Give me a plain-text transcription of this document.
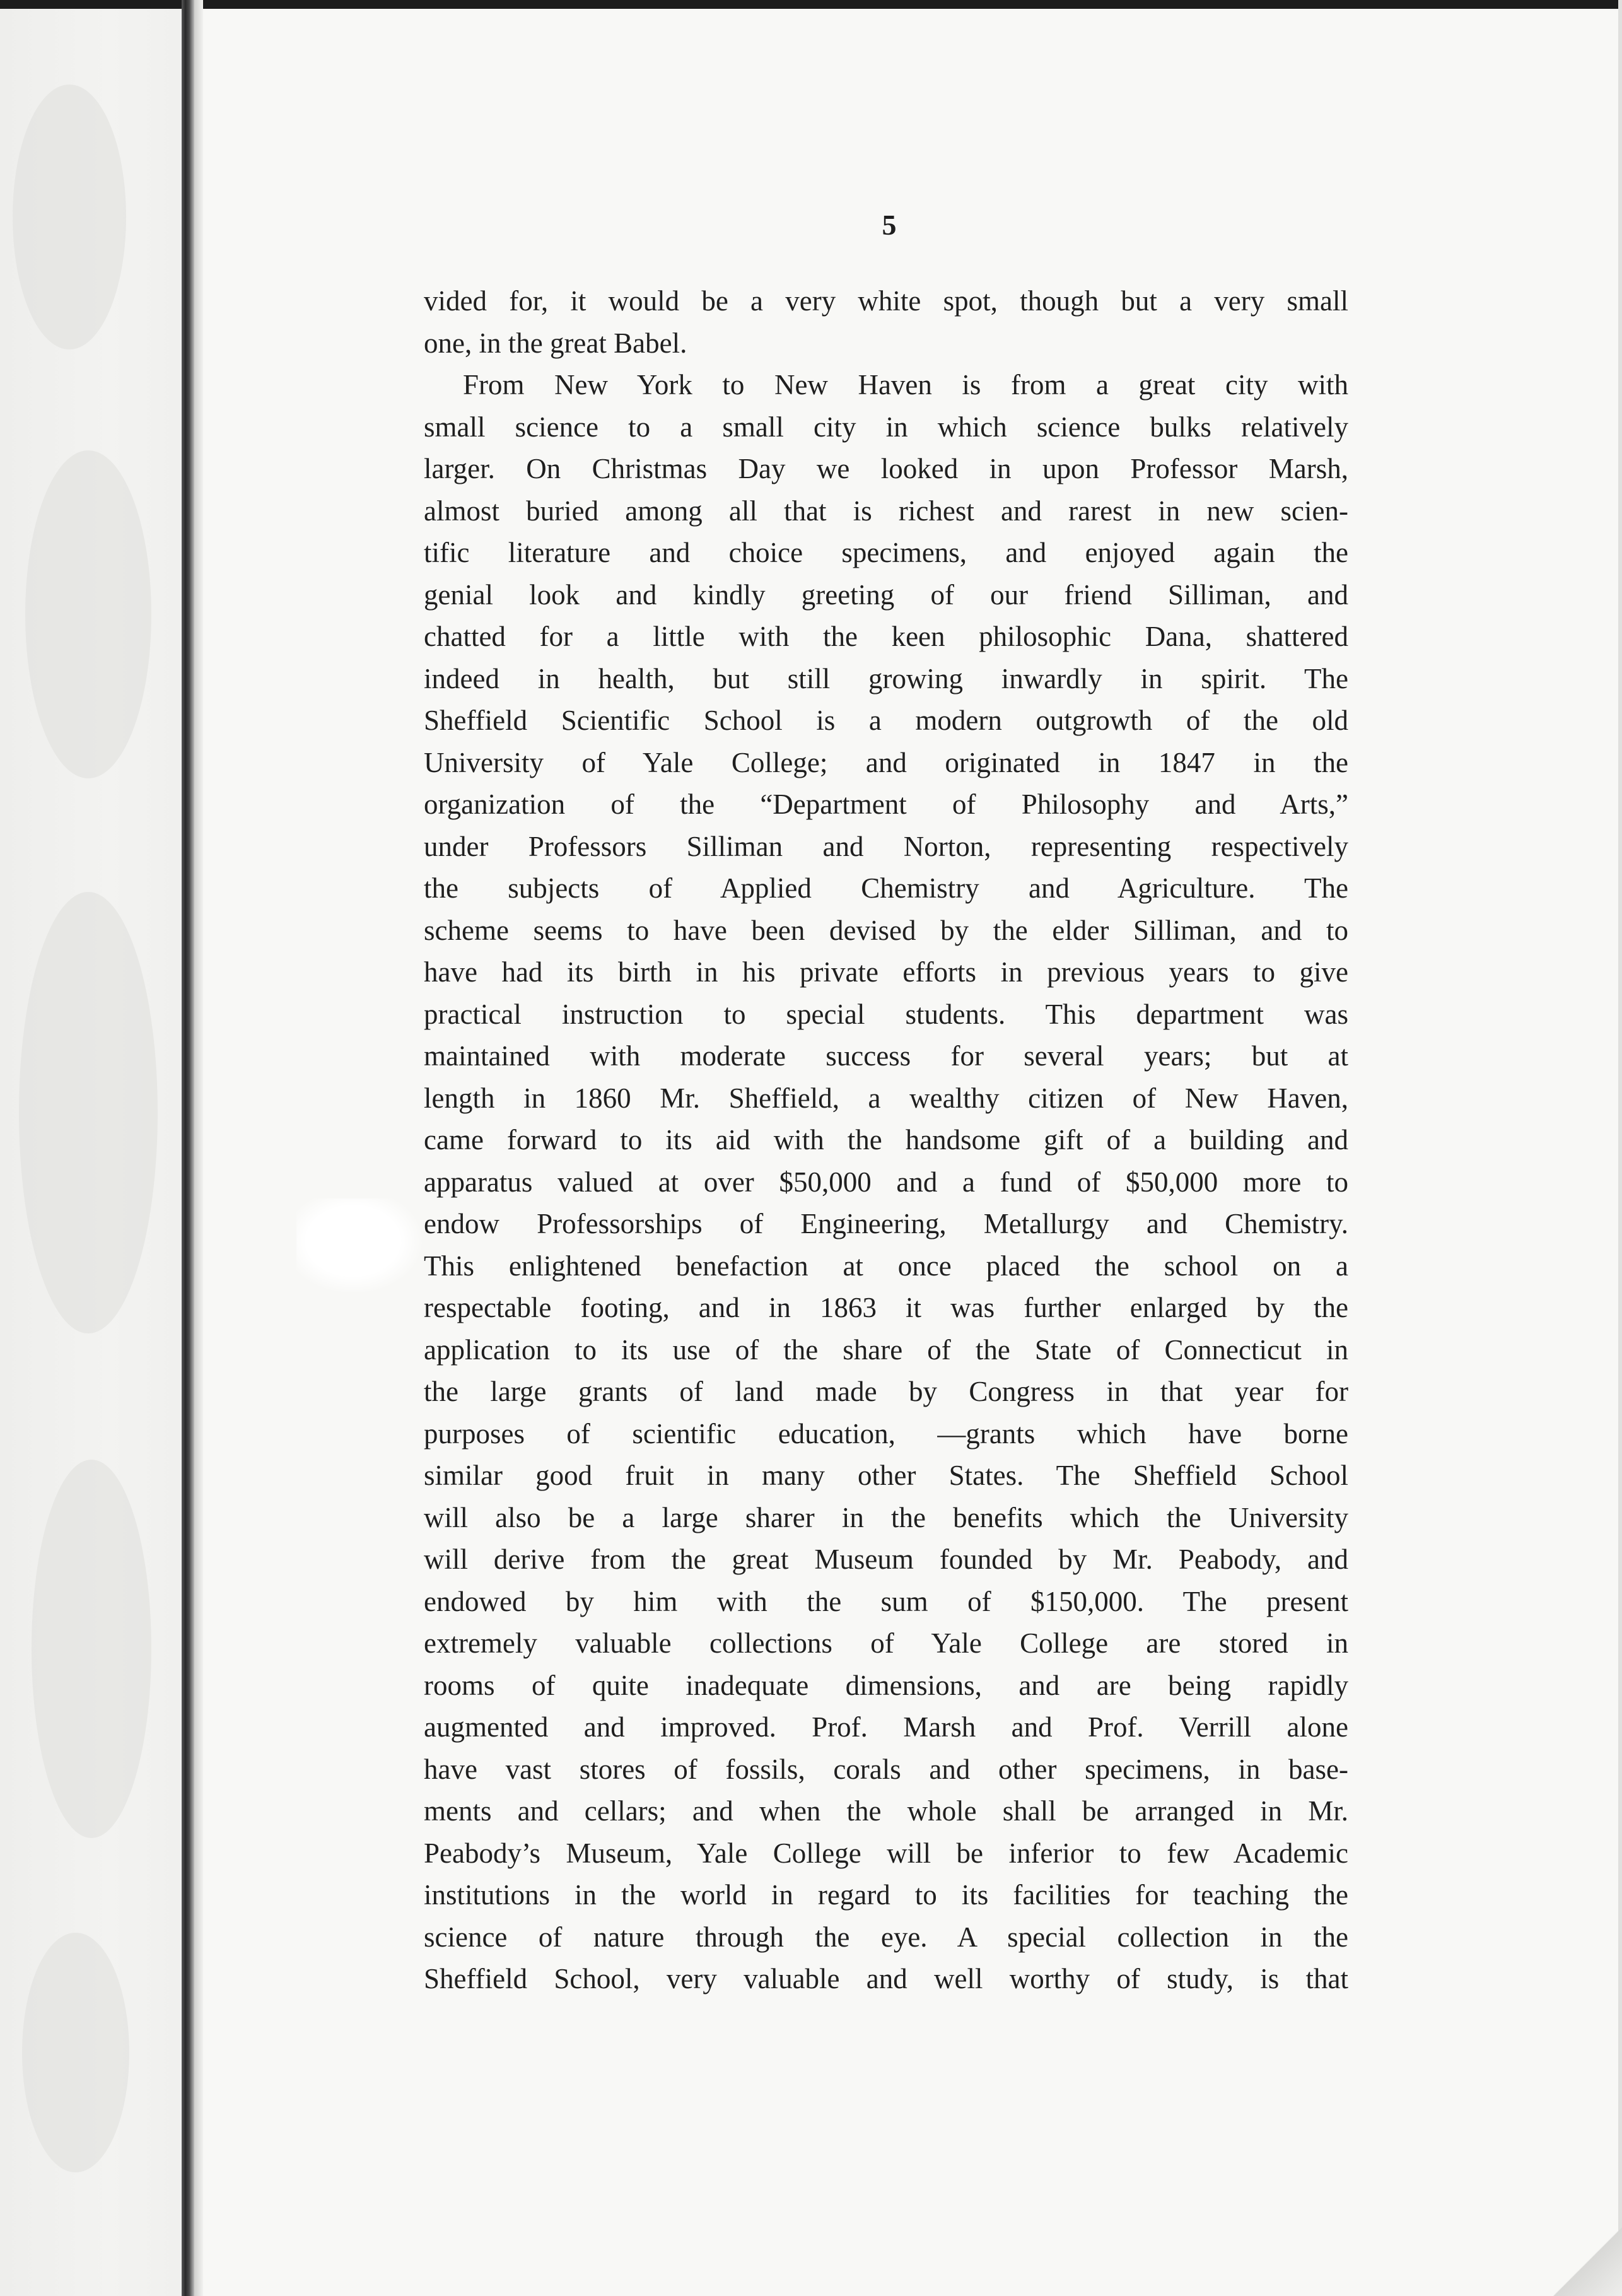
5
vided for, it would be a very white spot, though but a very small
one, in the great Babel.
From New York to New Haven is from a great city with
small science to a small city in which science bulks relatively
larger. On Christmas Day we looked in upon Professor Marsh,
almost buried among all that is richest and rarest in new scien-
tific literature and choice specimens, and enjoyed again the
genial look and kindly greeting of our friend Silliman, and
chatted for a little with the keen philosophic Dana, shattered
indeed in health, but still growing inwardly in spirit. The
Sheffield Scientific School is a modern outgrowth of the old
University of Yale College; and originated in 1847 in the
organization of the “Department of Philosophy and Arts,”
under Professors Silliman and Norton, representing respectively
the subjects of Applied Chemistry and Agriculture. The
scheme seems to have been devised by the elder Silliman, and to
have had its birth in his private efforts in previous years to give
practical instruction to special students. This department was
maintained with moderate success for several years; but at
length in 1860 Mr. Sheffield, a wealthy citizen of New Haven,
came forward to its aid with the handsome gift of a building and
apparatus valued at over $50,000 and a fund of $50,000 more to
endow Professorships of Engineering, Metallurgy and Chemistry.
This enlightened benefaction at once placed the school on a
respectable footing, and in 1863 it was further enlarged by the
application to its use of the share of the State of Connecticut in
the large grants of land made by Congress in that year for
purposes of scientific education, —grants which have borne
similar good fruit in many other States. The Sheffield School
will also be a large sharer in the benefits which the University
will derive from the great Museum founded by Mr. Peabody, and
endowed by him with the sum of $150,000. The present
extremely valuable collections of Yale College are stored in
rooms of quite inadequate dimensions, and are being rapidly
augmented and improved. Prof. Marsh and Prof. Verrill alone
have vast stores of fossils, corals and other specimens, in base-
ments and cellars; and when the whole shall be arranged in Mr.
Peabody’s Museum, Yale College will be inferior to few Academic
institutions in the world in regard to its facilities for teaching the
science of nature through the eye. A special collection in the
Sheffield School, very valuable and well worthy of study, is that
